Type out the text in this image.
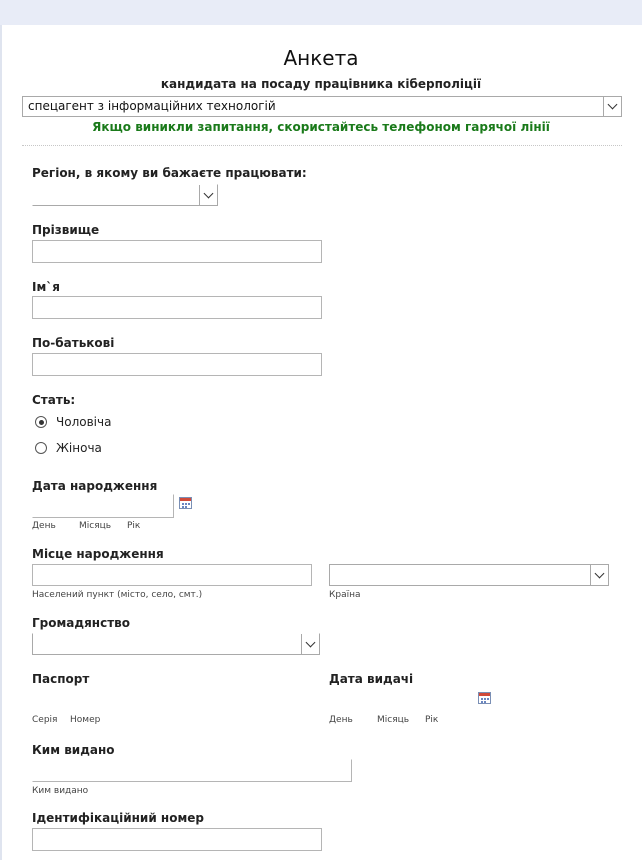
Анкета
кандидата на посаду працівника кіберполіції
спецагент з інформаційних технологій
Якщо виникли запитання, скористайтесь телефоном гарячої лінії
Регіон, в якому ви бажаєте працювати:
Прізвище
Ім`я
По-батькові
Стать:
Чоловіча
Жіноча
Дата народження
День	Місяць Рік
Місце народження
Населений пункт (місто, село, смт.)	Країна
Громадянство
Паспорт
Серія Номер
Дата видачі
День	Місяць Рік
Ким видано
Ким видано
Ідентифікаційний номер
